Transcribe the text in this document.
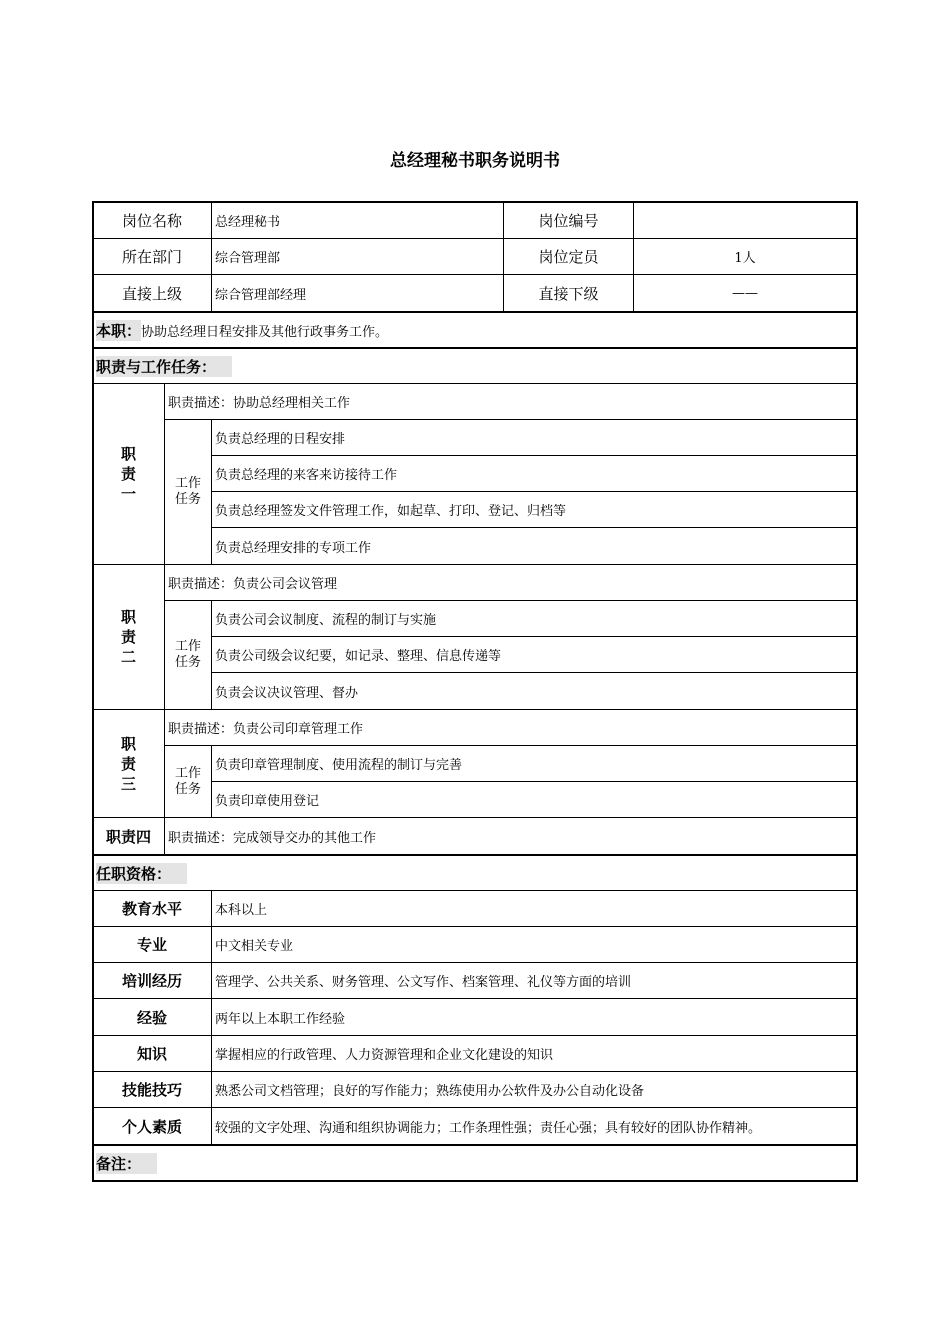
总经理秘书职务说明书
岗位名称	总经理秘书	岗位编号
所在部门	综合管理部	岗位定员	1人
直接上级	综合管理部经理	直接下级	——
本职： 协助总经理日程安排及其他行政事务工作。
职责与工作任务：
职责一
职责描述：协助总经理相关工作
工作任务
负责总经理的日程安排
负责总经理的来客来访接待工作
负责总经理签发文件管理工作，如起草、打印、登记、归档等
负责总经理安排的专项工作
职责二
职责描述：负责公司会议管理
工作任务
负责公司会议制度、流程的制订与实施
负责公司级会议纪要，如记录、整理、信息传递等
负责会议决议管理、督办
职责三
职责描述：负责公司印章管理工作
工作任务
负责印章管理制度、使用流程的制订与完善
负责印章使用登记
职责四	职责描述：完成领导交办的其他工作
任职资格：
教育水平	本科以上
专业	中文相关专业
培训经历	管理学、公共关系、财务管理、公文写作、档案管理、礼仪等方面的培训
经验	两年以上本职工作经验
知识	掌握相应的行政管理、人力资源管理和企业文化建设的知识
技能技巧	熟悉公司文档管理；良好的写作能力；熟练使用办公软件及办公自动化设备
个人素质	较强的文字处理、沟通和组织协调能力；工作条理性强；责任心强；具有较好的团队协作精神。
备注：
